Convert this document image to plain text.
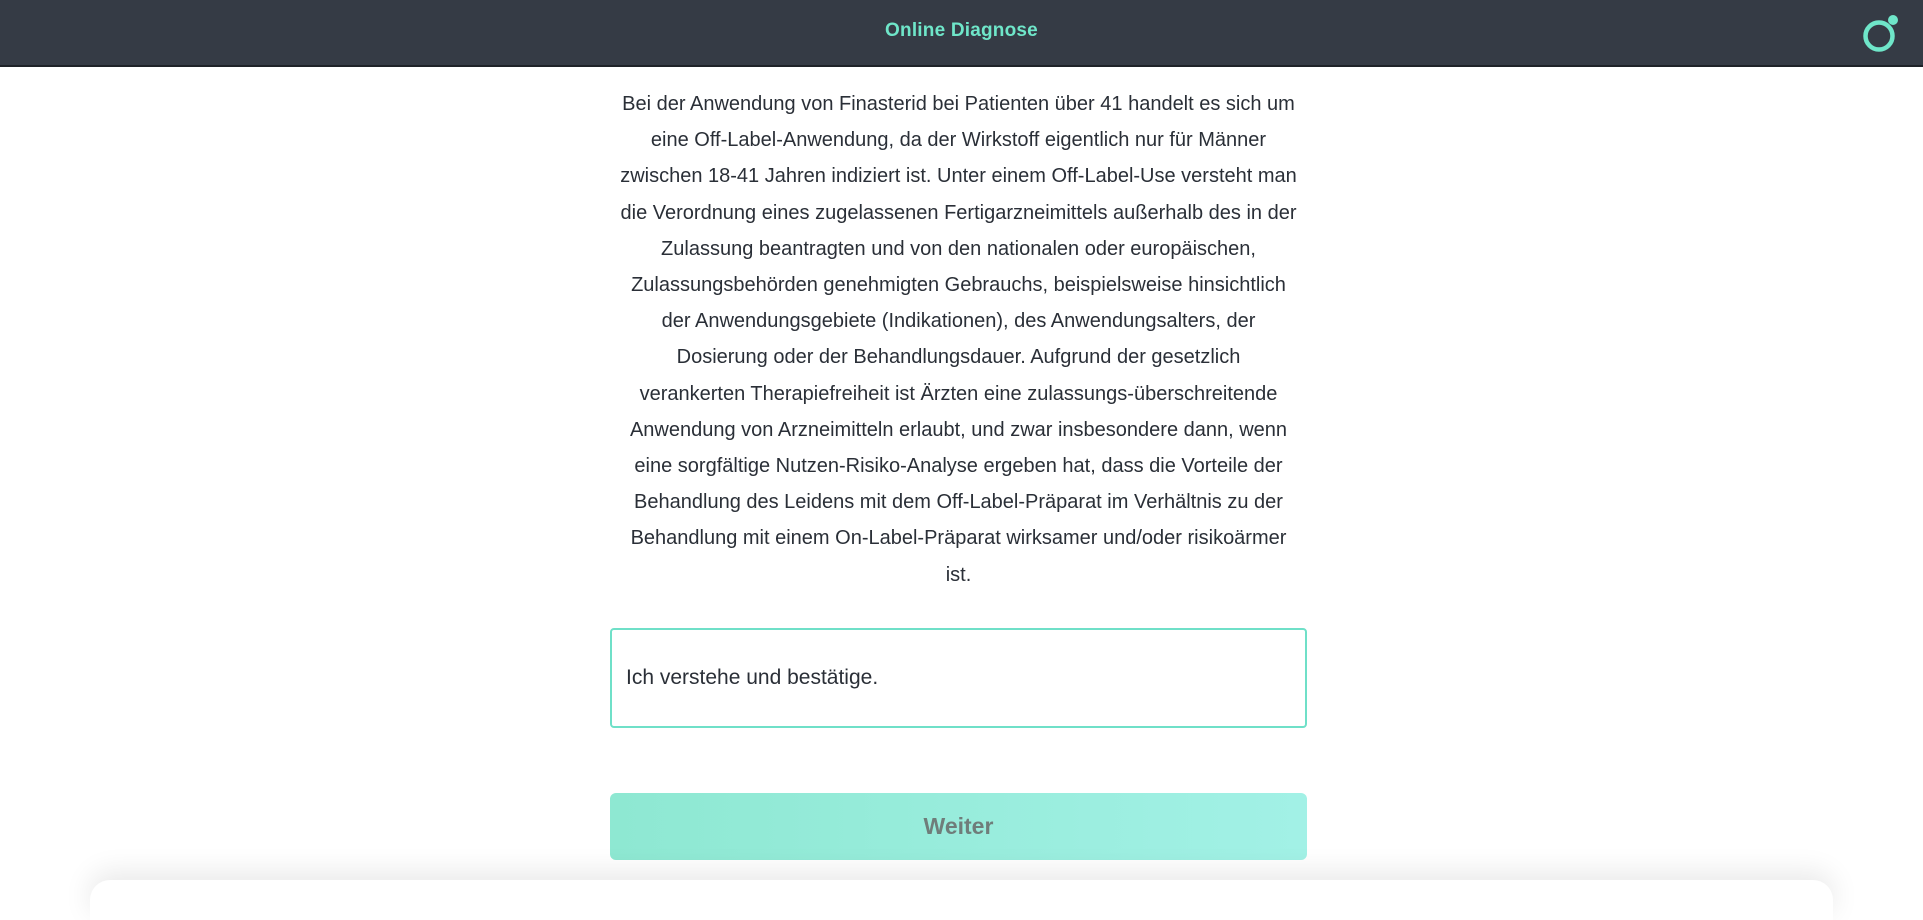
Online Diagnose

Bei der Anwendung von Finasterid bei Patienten über 41 handelt es sich um
eine Off-Label-Anwendung, da der Wirkstoff eigentlich nur für Männer
zwischen 18-41 Jahren indiziert ist. Unter einem Off-Label-Use versteht man
die Verordnung eines zugelassenen Fertigarzneimittels außerhalb des in der
Zulassung beantragten und von den nationalen oder europäischen,
Zulassungsbehörden genehmigten Gebrauchs, beispielsweise hinsichtlich
der Anwendungsgebiete (Indikationen), des Anwendungsalters, der
Dosierung oder der Behandlungsdauer. Aufgrund der gesetzlich
verankerten Therapiefreiheit ist Ärzten eine zulassungs-überschreitende
Anwendung von Arzneimitteln erlaubt, und zwar insbesondere dann, wenn
eine sorgfältige Nutzen-Risiko-Analyse ergeben hat, dass die Vorteile der
Behandlung des Leidens mit dem Off-Label-Präparat im Verhältnis zu der
Behandlung mit einem On-Label-Präparat wirksamer und/oder risikoärmer
ist.

Ich verstehe und bestätige.
Weiter
